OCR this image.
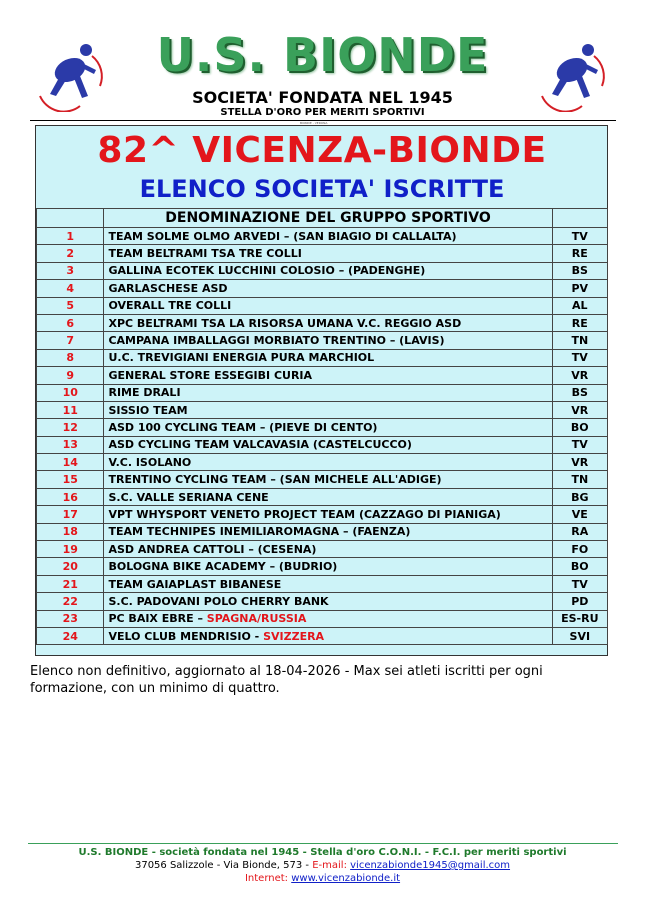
U.S. BIONDE
SOCIETA' FONDATA NEL 1945
STELLA D'ORO PER MERITI SPORTIVI
BIONDE - VERONA
82^ VICENZA-BIONDE
ELENCO SOCIETA' ISCRITTE
	DENOMINAZIONE DEL GRUPPO SPORTIVO	
1	TEAM SOLME OLMO ARVEDI – (SAN BIAGIO DI CALLALTA)	TV
2	TEAM BELTRAMI TSA TRE COLLI	RE
3	GALLINA ECOTEK LUCCHINI COLOSIO – (PADENGHE)	BS
4	GARLASCHESE ASD	PV
5	OVERALL TRE COLLI	AL
6	XPC BELTRAMI TSA LA RISORSA UMANA V.C. REGGIO ASD	RE
7	CAMPANA IMBALLAGGI MORBIATO TRENTINO – (LAVIS)	TN
8	U.C. TREVIGIANI ENERGIA PURA MARCHIOL	TV
9	GENERAL STORE ESSEGIBI CURIA	VR
10	RIME DRALI	BS
11	SISSIO TEAM	VR
12	ASD 100 CYCLING TEAM – (PIEVE DI CENTO)	BO
13	ASD CYCLING TEAM VALCAVASIA (CASTELCUCCO)	TV
14	V.C. ISOLANO	VR
15	TRENTINO CYCLING TEAM – (SAN MICHELE ALL'ADIGE)	TN
16	S.C. VALLE SERIANA CENE	BG
17	VPT WHYSPORT VENETO PROJECT TEAM (CAZZAGO DI PIANIGA)	VE
18	TEAM TECHNIPES INEMILIAROMAGNA – (FAENZA)	RA
19	ASD ANDREA CATTOLI – (CESENA)	FO
20	BOLOGNA BIKE ACADEMY – (BUDRIO)	BO
21	TEAM GAIAPLAST BIBANESE	TV
22	S.C. PADOVANI POLO CHERRY BANK	PD
23	PC BAIX EBRE – SPAGNA/RUSSIA	ES-RU
24	VELO CLUB MENDRISIO - SVIZZERA	SVI
Elenco non definitivo, aggiornato al 18-04-2026 - Max sei atleti iscritti per ogni formazione, con un minimo di quattro.
U.S. BIONDE - società fondata nel 1945 - Stella d'oro C.O.N.I. - F.C.I. per meriti sportivi
37056 Salizzole - Via Bionde, 573 - E-mail: vicenzabionde1945@gmail.com
Internet: www.vicenzabionde.it
